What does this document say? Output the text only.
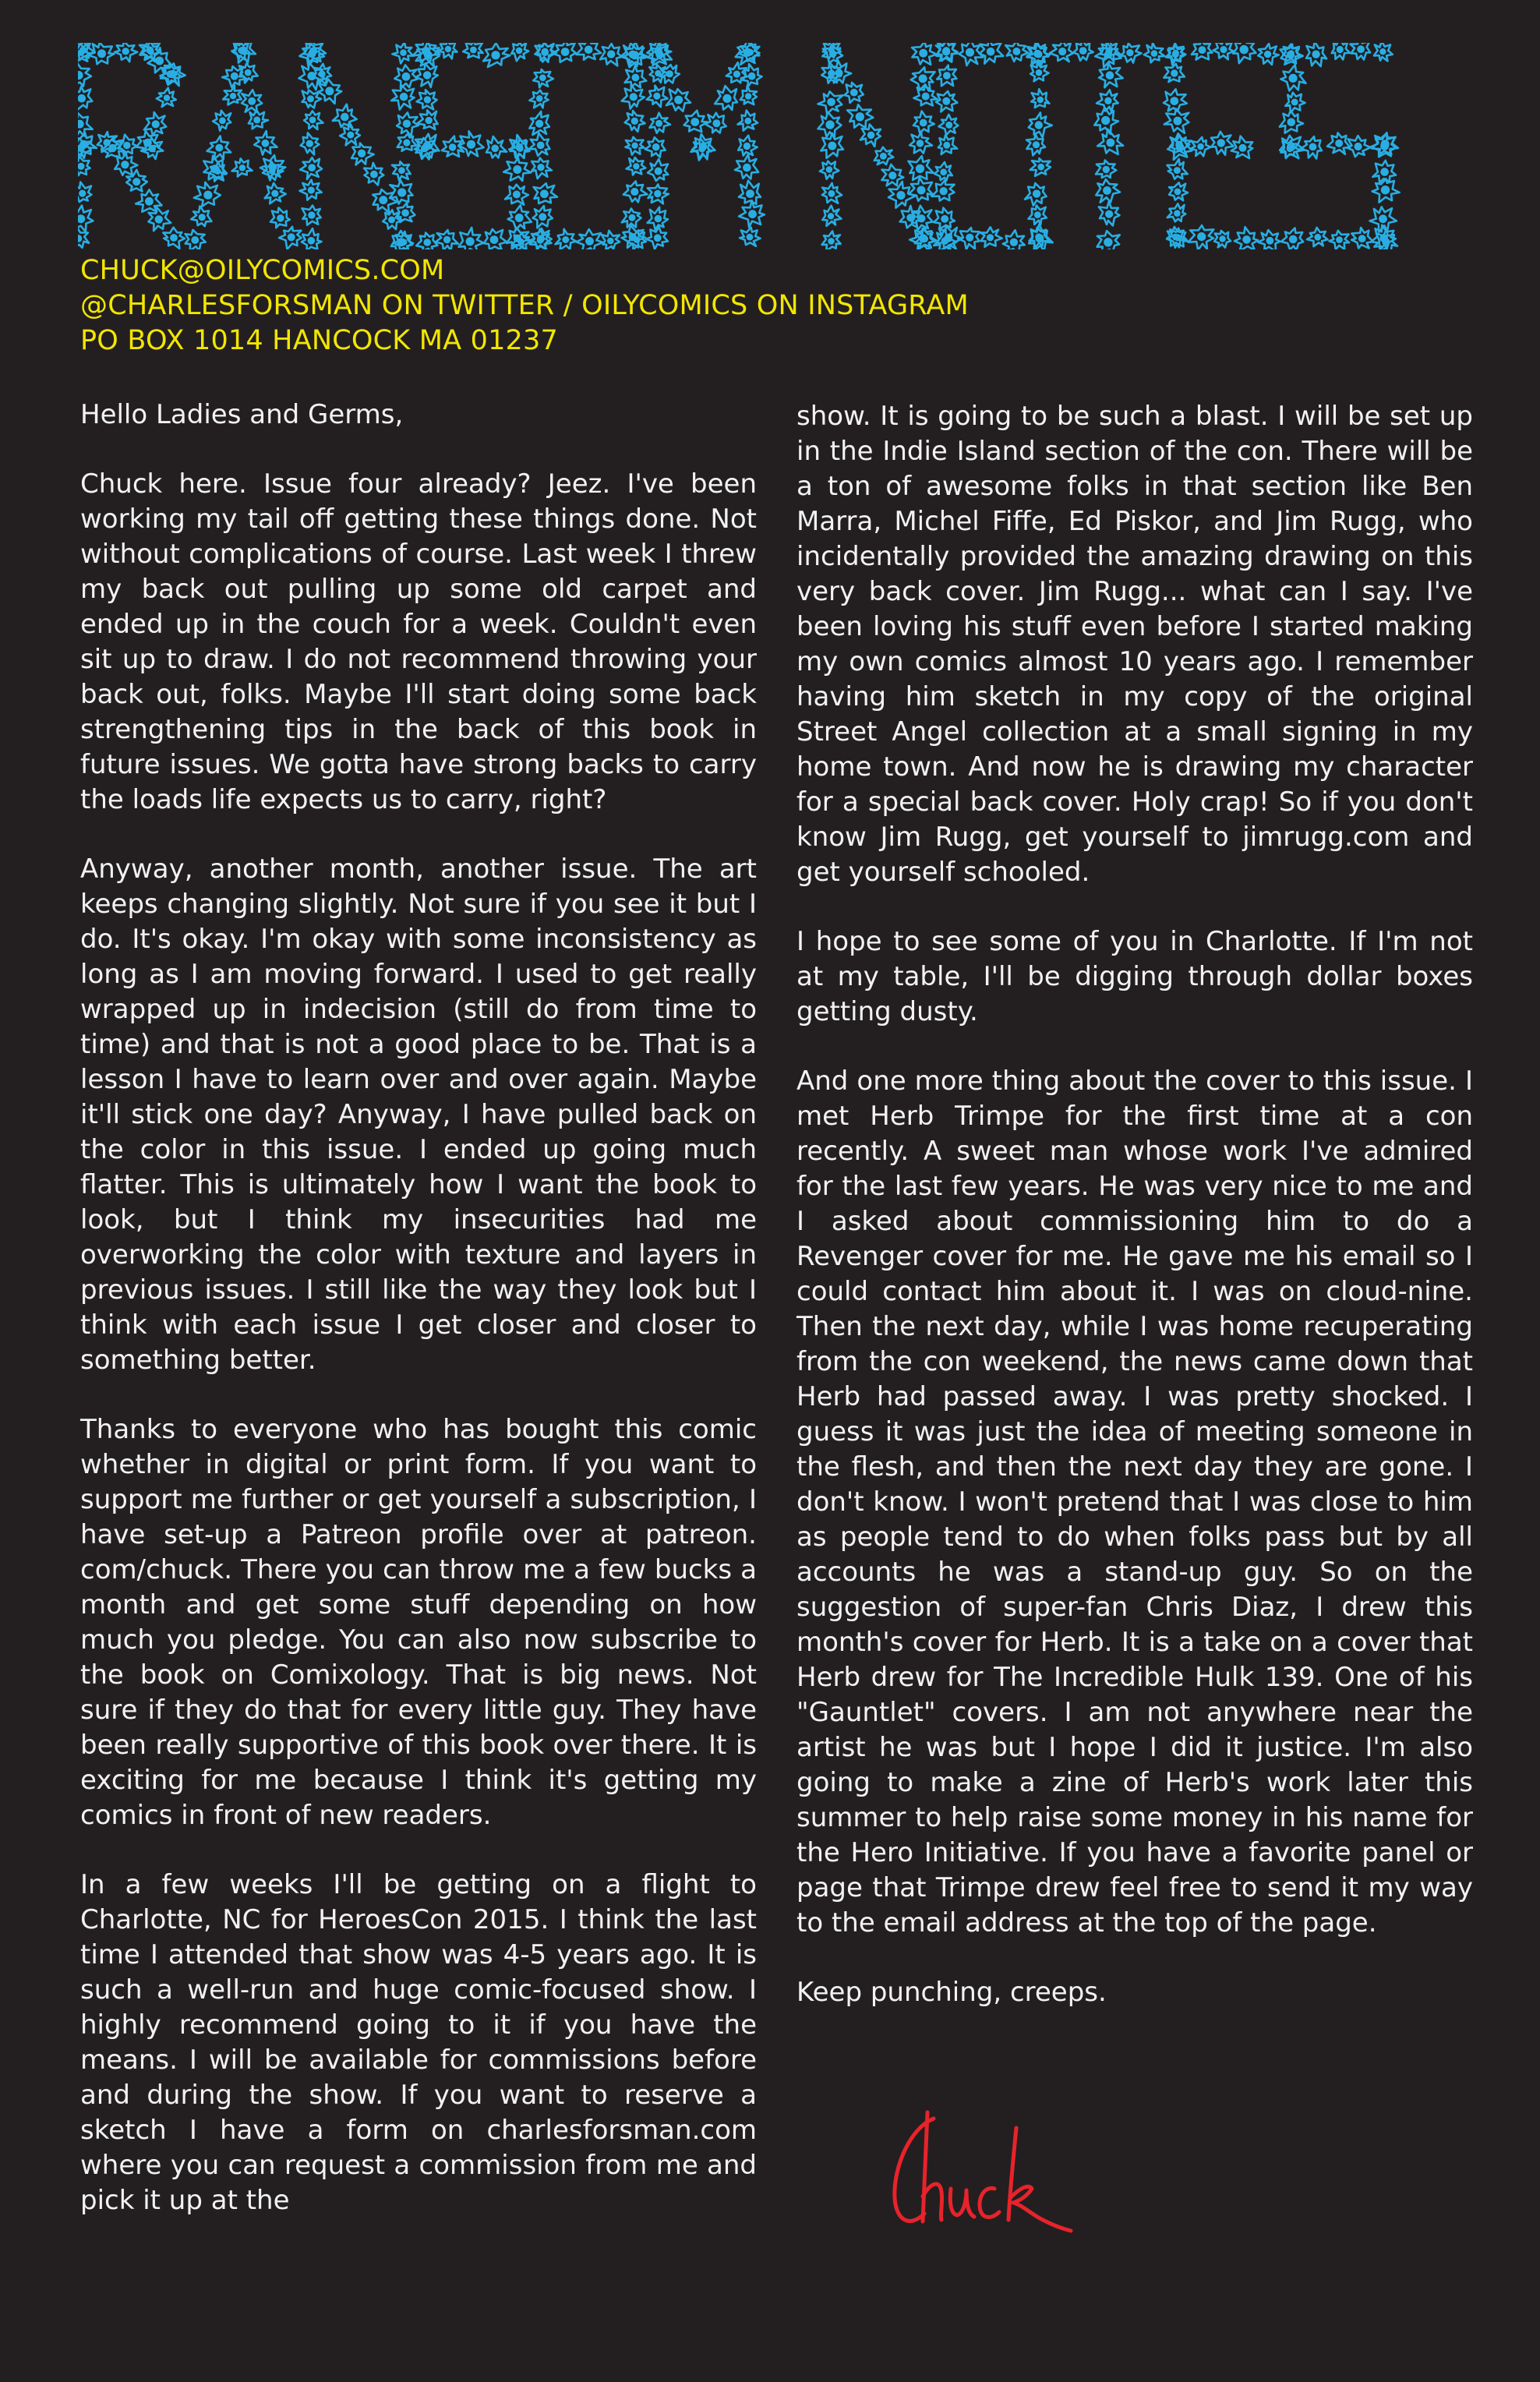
CHUCK@OILYCOMICS.COM
@CHARLESFORSMAN ON TWITTER / OILYCOMICS ON INSTAGRAM
PO BOX 1014 HANCOCK MA 01237

Hello Ladies and Germs,

Chuck here. Issue four already? Jeez. I've been working my tail off getting these things done. Not without complications of course. Last week I threw my back out pulling up some old carpet and ended up in the couch for a week. Couldn't even sit up to draw. I do not recommend throwing your back out, folks. Maybe I'll start doing some back strengthening tips in the back of this book in future issues. We gotta have strong backs to carry the loads life expects us to carry, right?

Anyway, another month, another issue. The art keeps changing slightly. Not sure if you see it but I do. It's okay. I'm okay with some inconsistency as long as I am moving forward. I used to get really wrapped up in indecision (still do from time to time) and that is not a good place to be. That is a lesson I have to learn over and over again. Maybe it'll stick one day? Anyway, I have pulled back on the color in this issue. I ended up going much flatter. This is ultimately how I want the book to look, but I think my insecurities had me overworking the color with texture and layers in previous issues. I still like the way they look but I think with each issue I get closer and closer to something better.

Thanks to everyone who has bought this comic whether in digital or print form. If you want to support me further or get yourself a subscription, I have set-up a Patreon profile over at patreon. com/chuck. There you can throw me a few bucks a month and get some stuff depending on how much you pledge. You can also now subscribe to the book on Comixology. That is big news. Not sure if they do that for every little guy. They have been really supportive of this book over there. It is exciting for me because I think it's getting my comics in front of new readers.

In a few weeks I'll be getting on a flight to Charlotte, NC for HeroesCon 2015. I think the last time I attended that show was 4-5 years ago. It is such a well-run and huge comic-focused show. I highly recommend going to it if you have the means. I will be available for commissions before and during the show. If you want to reserve a sketch I have a form on charlesforsman.com where you can request a commission from me and pick it up at the

show. It is going to be such a blast. I will be set up in the Indie Island section of the con. There will be a ton of awesome folks in that section like Ben Marra, Michel Fiffe, Ed Piskor, and Jim Rugg, who incidentally provided the amazing drawing on this very back cover. Jim Rugg... what can I say. I've been loving his stuff even before I started making my own comics almost 10 years ago. I remember having him sketch in my copy of the original Street Angel collection at a small signing in my home town. And now he is drawing my character for a special back cover. Holy crap! So if you don't know Jim Rugg, get yourself to jimrugg.com and get yourself schooled.

I hope to see some of you in Charlotte. If I'm not at my table, I'll be digging through dollar boxes getting dusty.

And one more thing about the cover to this issue. I met Herb Trimpe for the first time at a con recently. A sweet man whose work I've admired for the last few years. He was very nice to me and I asked about commissioning him to do a Revenger cover for me. He gave me his email so I could contact him about it. I was on cloud-nine. Then the next day, while I was home recuperating from the con weekend, the news came down that Herb had passed away. I was pretty shocked. I guess it was just the idea of meeting someone in the flesh, and then the next day they are gone. I don't know. I won't pretend that I was close to him as people tend to do when folks pass but by all accounts he was a stand-up guy. So on the suggestion of super-fan Chris Diaz, I drew this month's cover for Herb. It is a take on a cover that Herb drew for The Incredible Hulk 139. One of his "Gauntlet" covers. I am not anywhere near the artist he was but I hope I did it justice. I'm also going to make a zine of Herb's work later this summer to help raise some money in his name for the Hero Initiative. If you have a favorite panel or page that Trimpe drew feel free to send it my way to the email address at the top of the page.

Keep punching, creeps.
